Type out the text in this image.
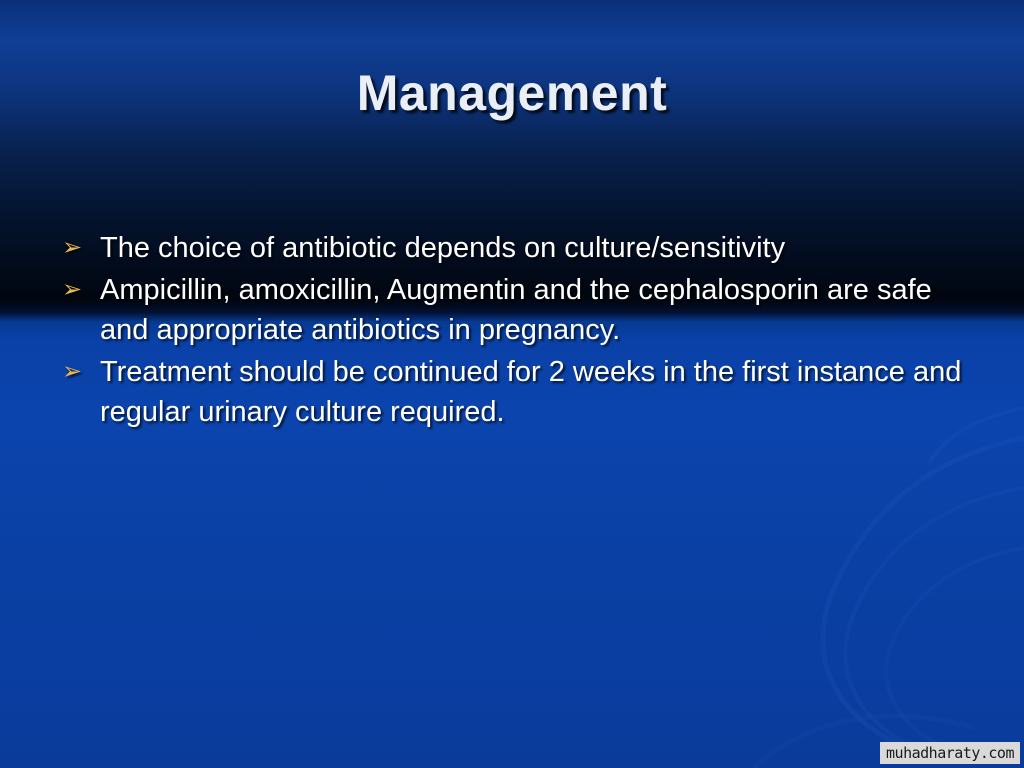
Management
➢ The choice of antibiotic depends on culture/sensitivity
➢ Ampicillin, amoxicillin, Augmentin and the cephalosporin are safe and appropriate antibiotics in pregnancy.
➢ Treatment should be continued for 2 weeks in the first instance and regular urinary culture required.
muhadharaty.com
